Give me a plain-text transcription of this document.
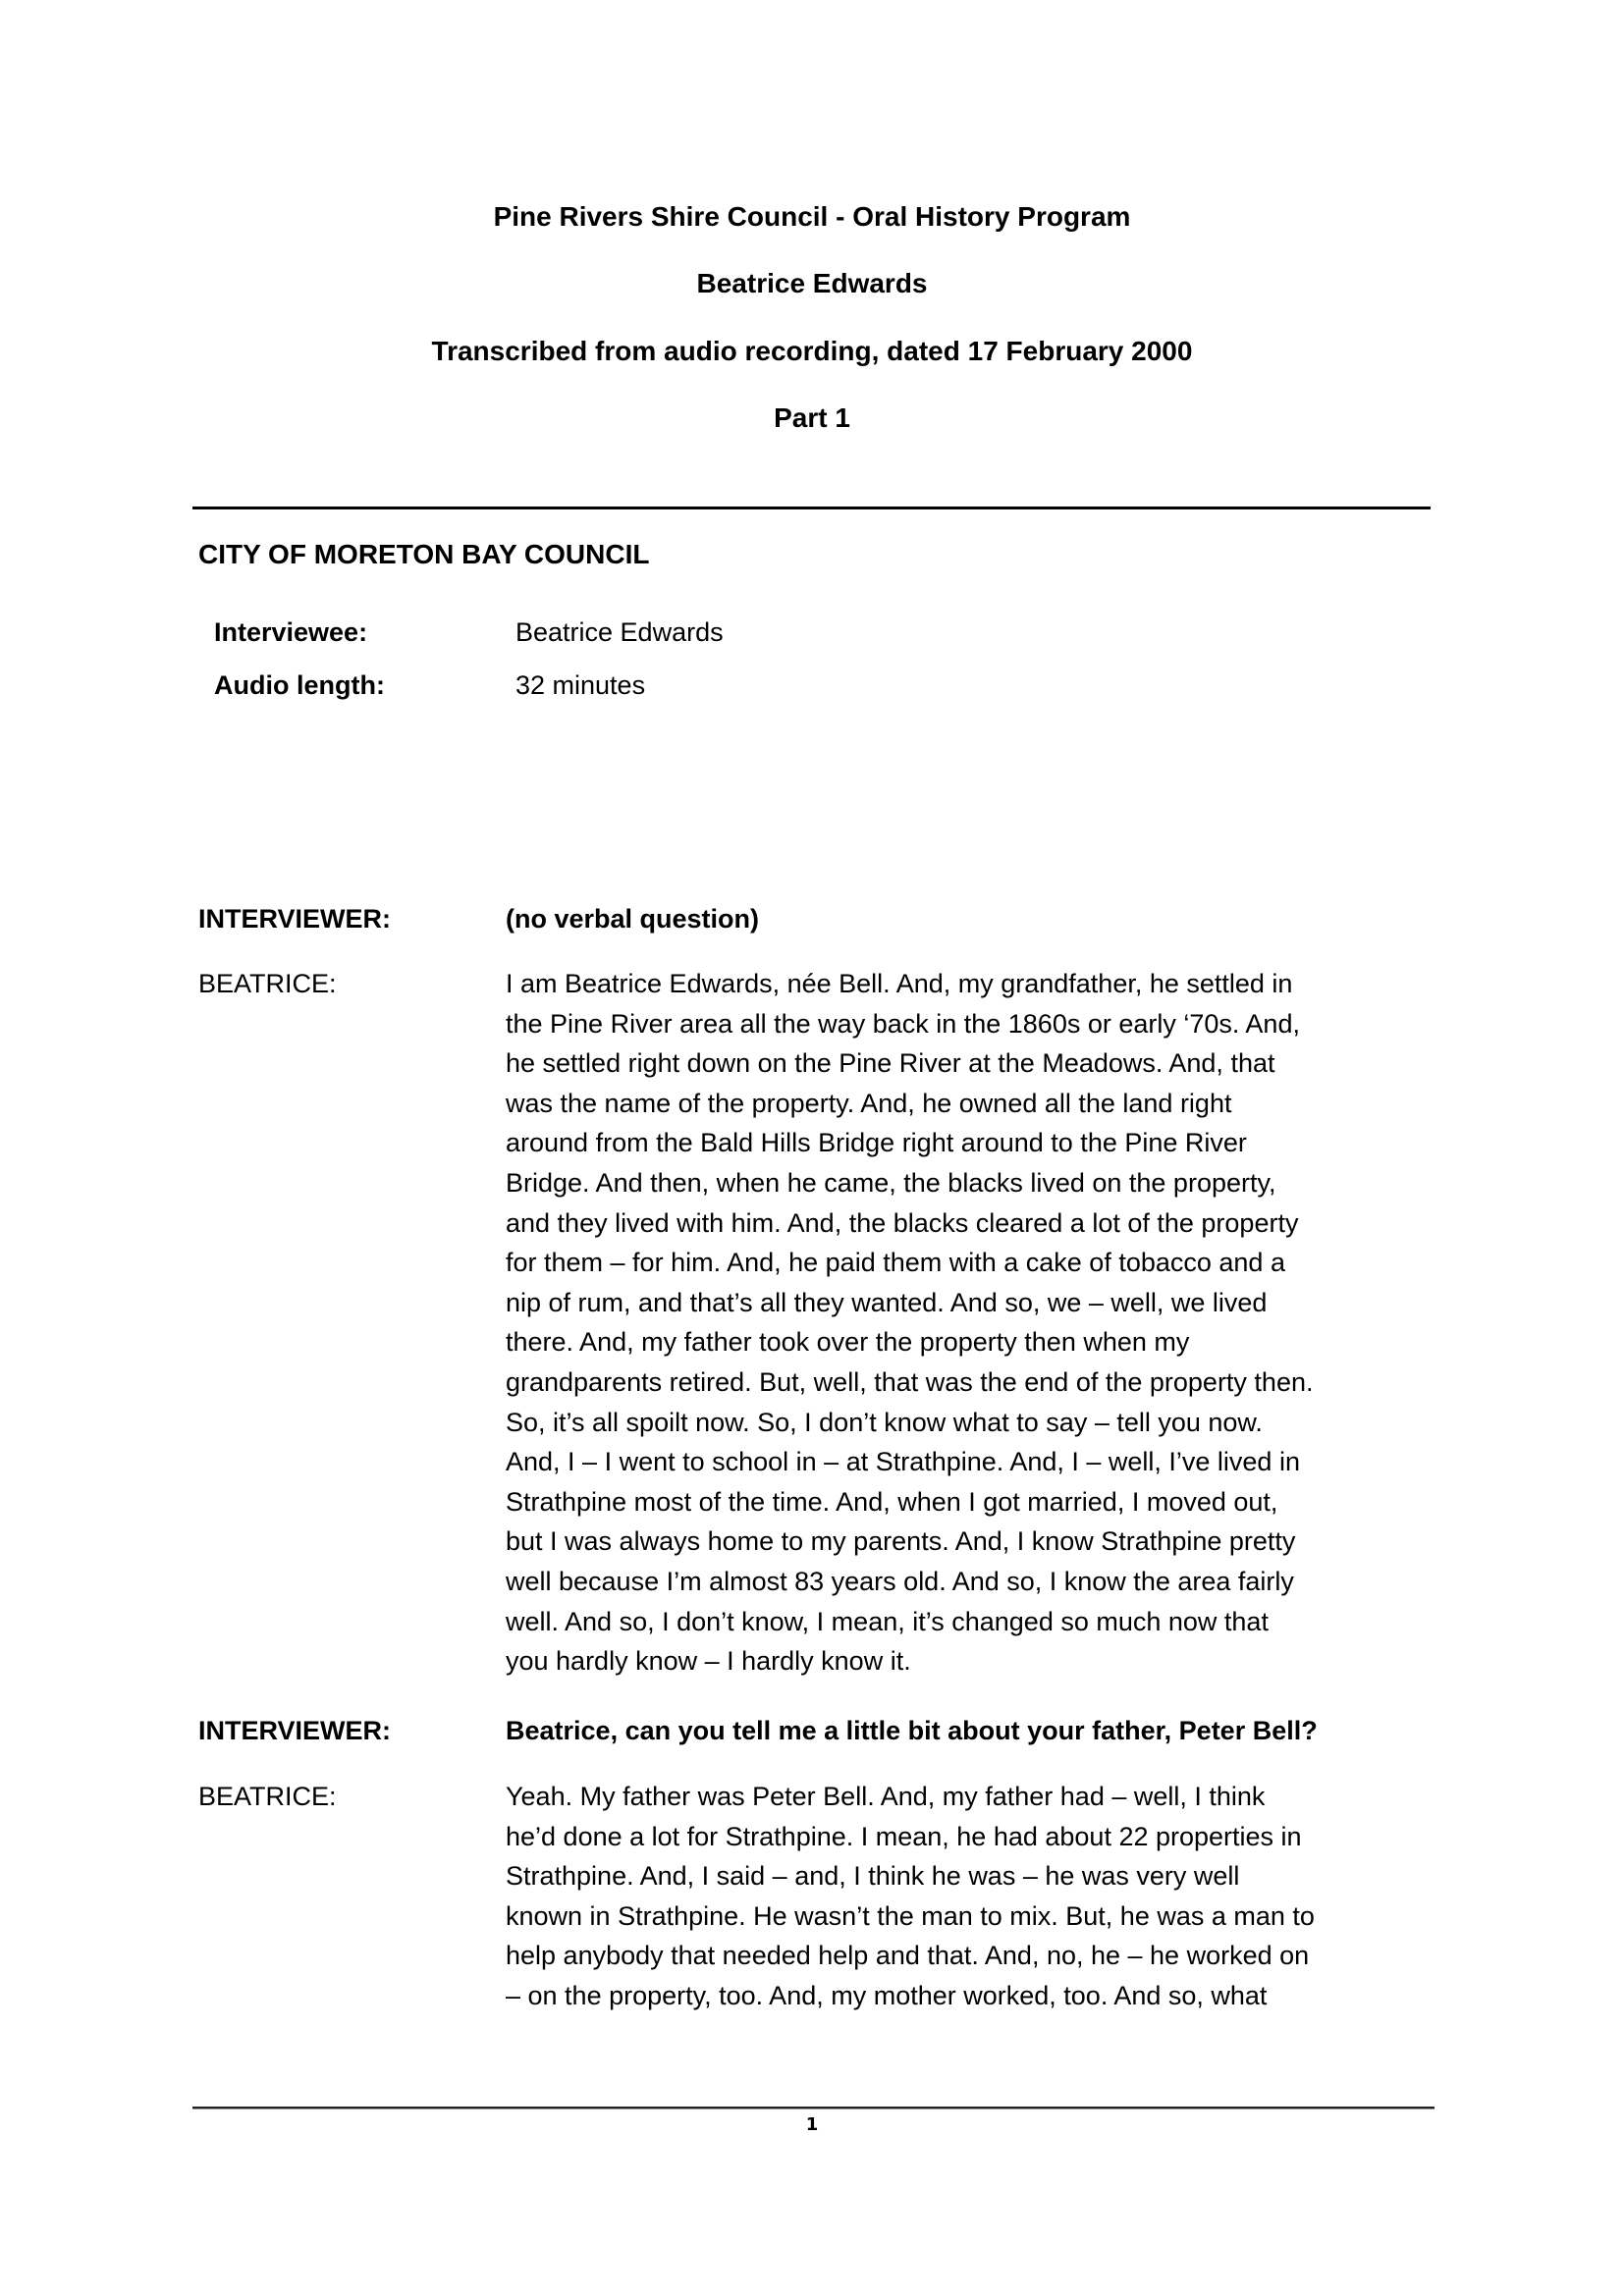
Pine Rivers Shire Council - Oral History Program
Beatrice Edwards
Transcribed from audio recording, dated 17 February 2000
Part 1
CITY OF MORETON BAY COUNCIL
Interviewee:	Beatrice Edwards
Audio length:	32 minutes
INTERVIEWER:	(no verbal question)
BEATRICE:	I am Beatrice Edwards, née Bell. And, my grandfather, he settled in
the Pine River area all the way back in the 1860s or early ‘70s. And,
he settled right down on the Pine River at the Meadows. And, that
was the name of the property. And, he owned all the land right
around from the Bald Hills Bridge right around to the Pine River
Bridge. And then, when he came, the blacks lived on the property,
and they lived with him. And, the blacks cleared a lot of the property
for them – for him. And, he paid them with a cake of tobacco and a
nip of rum, and that’s all they wanted. And so, we – well, we lived
there. And, my father took over the property then when my
grandparents retired. But, well, that was the end of the property then.
So, it’s all spoilt now. So, I don’t know what to say – tell you now.
And, I – I went to school in – at Strathpine. And, I – well, I’ve lived in
Strathpine most of the time. And, when I got married, I moved out,
but I was always home to my parents. And, I know Strathpine pretty
well because I’m almost 83 years old. And so, I know the area fairly
well. And so, I don’t know, I mean, it’s changed so much now that
you hardly know – I hardly know it.
INTERVIEWER:	Beatrice, can you tell me a little bit about your father, Peter Bell?
BEATRICE:	Yeah. My father was Peter Bell. And, my father had – well, I think
he’d done a lot for Strathpine. I mean, he had about 22 properties in
Strathpine. And, I said – and, I think he was – he was very well
known in Strathpine. He wasn’t the man to mix. But, he was a man to
help anybody that needed help and that. And, no, he – he worked on
– on the property, too. And, my mother worked, too. And so, what
1
